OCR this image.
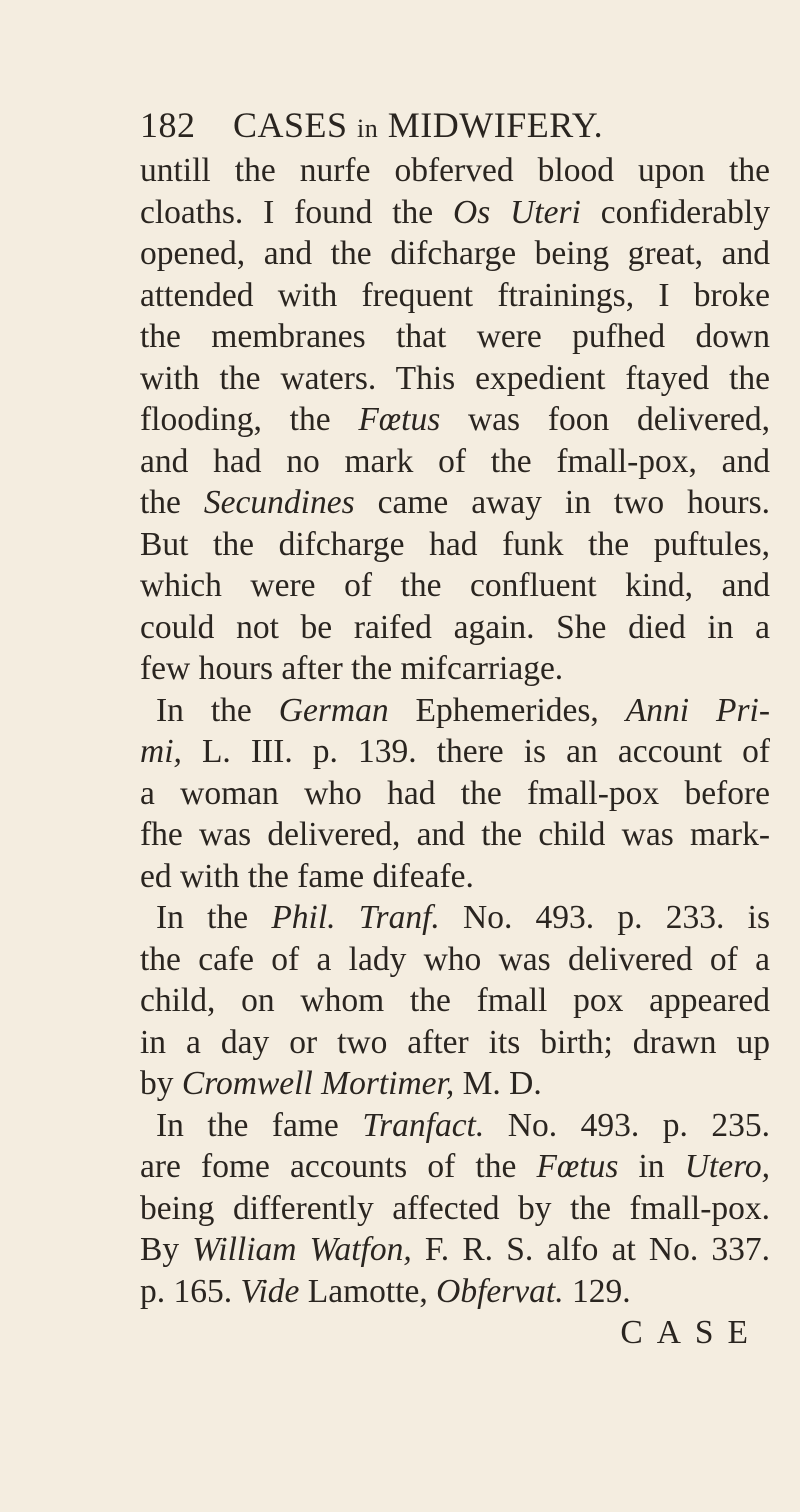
182 CASES in MIDWIFERY.
untill the nurfe obferved blood upon the
cloaths. I found the Os Uteri confiderably
opened, and the difcharge being great, and
attended with frequent ftrainings, I broke
the membranes that were pufhed down
with the waters. This expedient ftayed the
flooding, the Fœtus was foon delivered,
and had no mark of the fmall-pox, and
the Secundines came away in two hours.
But the difcharge had funk the puftules,
which were of the confluent kind, and
could not be raifed again. She died in a
few hours after the mifcarriage.
In the German Ephemerides, Anni Pri-
mi, L. III. p. 139. there is an account of
a woman who had the fmall-pox before
fhe was delivered, and the child was mark-
ed with the fame difeafe.
In the Phil. Tranf. No. 493. p. 233. is
the cafe of a lady who was delivered of a
child, on whom the fmall pox appeared
in a day or two after its birth; drawn up
by Cromwell Mortimer, M. D.
In the fame Tranfact. No. 493. p. 235.
are fome accounts of the Fœtus in Utero,
being differently affected by the fmall-pox.
By William Watfon, F. R. S. alfo at No. 337.
p. 165. Vide Lamotte, Obfervat. 129.
CASE
